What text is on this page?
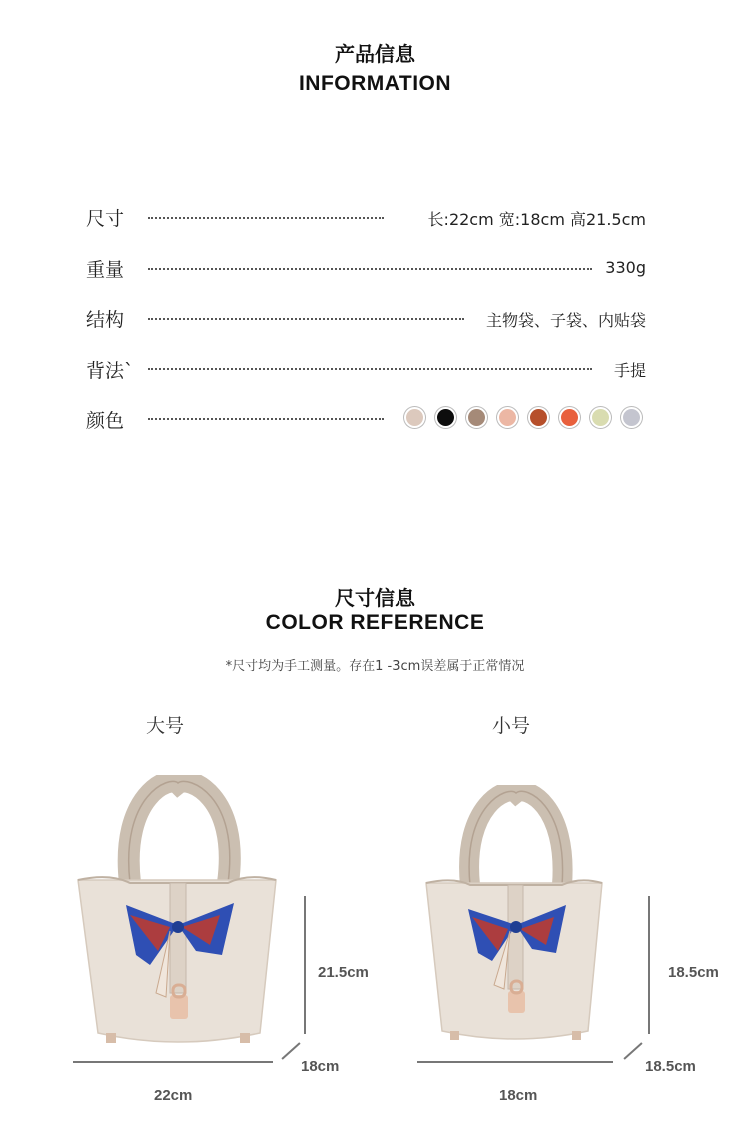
产品信息
INFORMATION
尺寸	长:22cm 宽:18cm 高21.5cm
重量	330g
结构	主物袋、子袋、内贴袋
背法`	手提
颜色
尺寸信息
COLOR REFERENCE
*尺寸均为手工测量。存在1 -3cm误差属于正常情况
大号	小号
21.5cm
22cm
18cm
18.5cm
18cm
18.5cm
